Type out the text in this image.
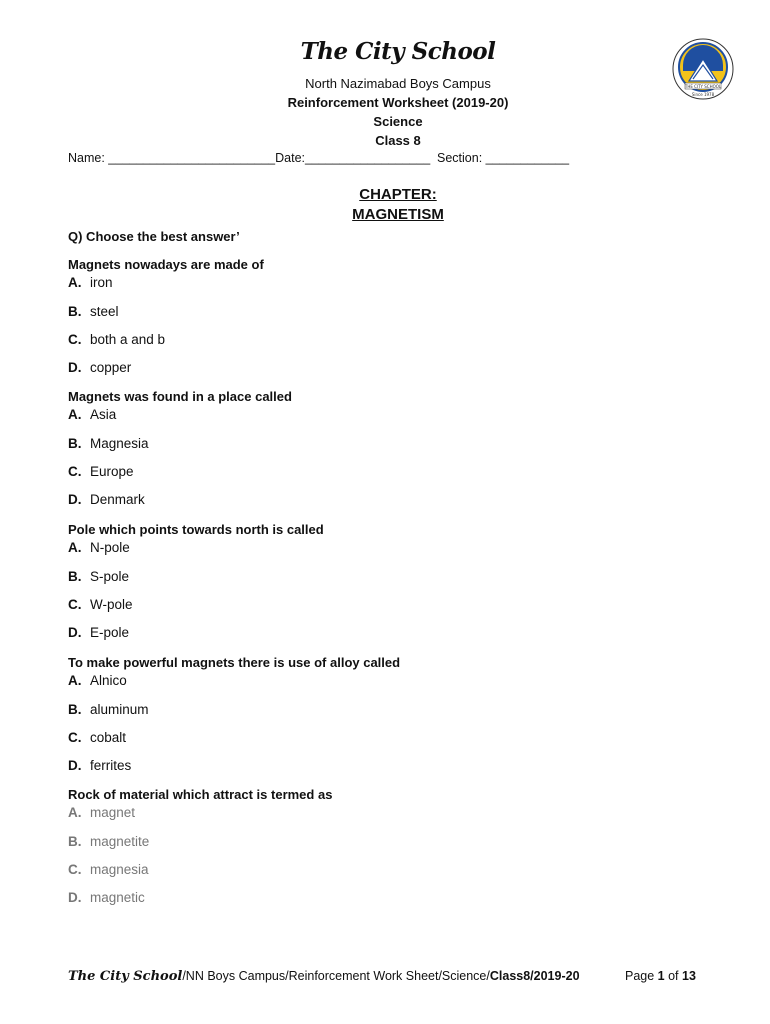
The City School
THE CITY SCHOOL
Since 1978
North Nazimabad Boys Campus
Reinforcement Worksheet (2019-20)
Science
Class 8
Name: ________________________Date:__________________ Section: ____________
CHAPTER:
MAGNETISM
Q) Choose the best answer’
Magnets nowadays are made of
A. iron
B. steel
C. both a and b
D. copper
Magnets was found in a place called
A. Asia
B. Magnesia
C. Europe
D. Denmark
Pole which points towards north is called
A. N-pole
B. S-pole
C. W-pole
D. E-pole
To make powerful magnets there is use of alloy called
A. Alnico
B. aluminum
C. cobalt
D. ferrites
Rock of material which attract is termed as
A. magnet
B. magnetite
C. magnesia
D. magnetic
The City School/NN Boys Campus/Reinforcement Work Sheet/Science/Class8/2019-20	Page 1 of 13
